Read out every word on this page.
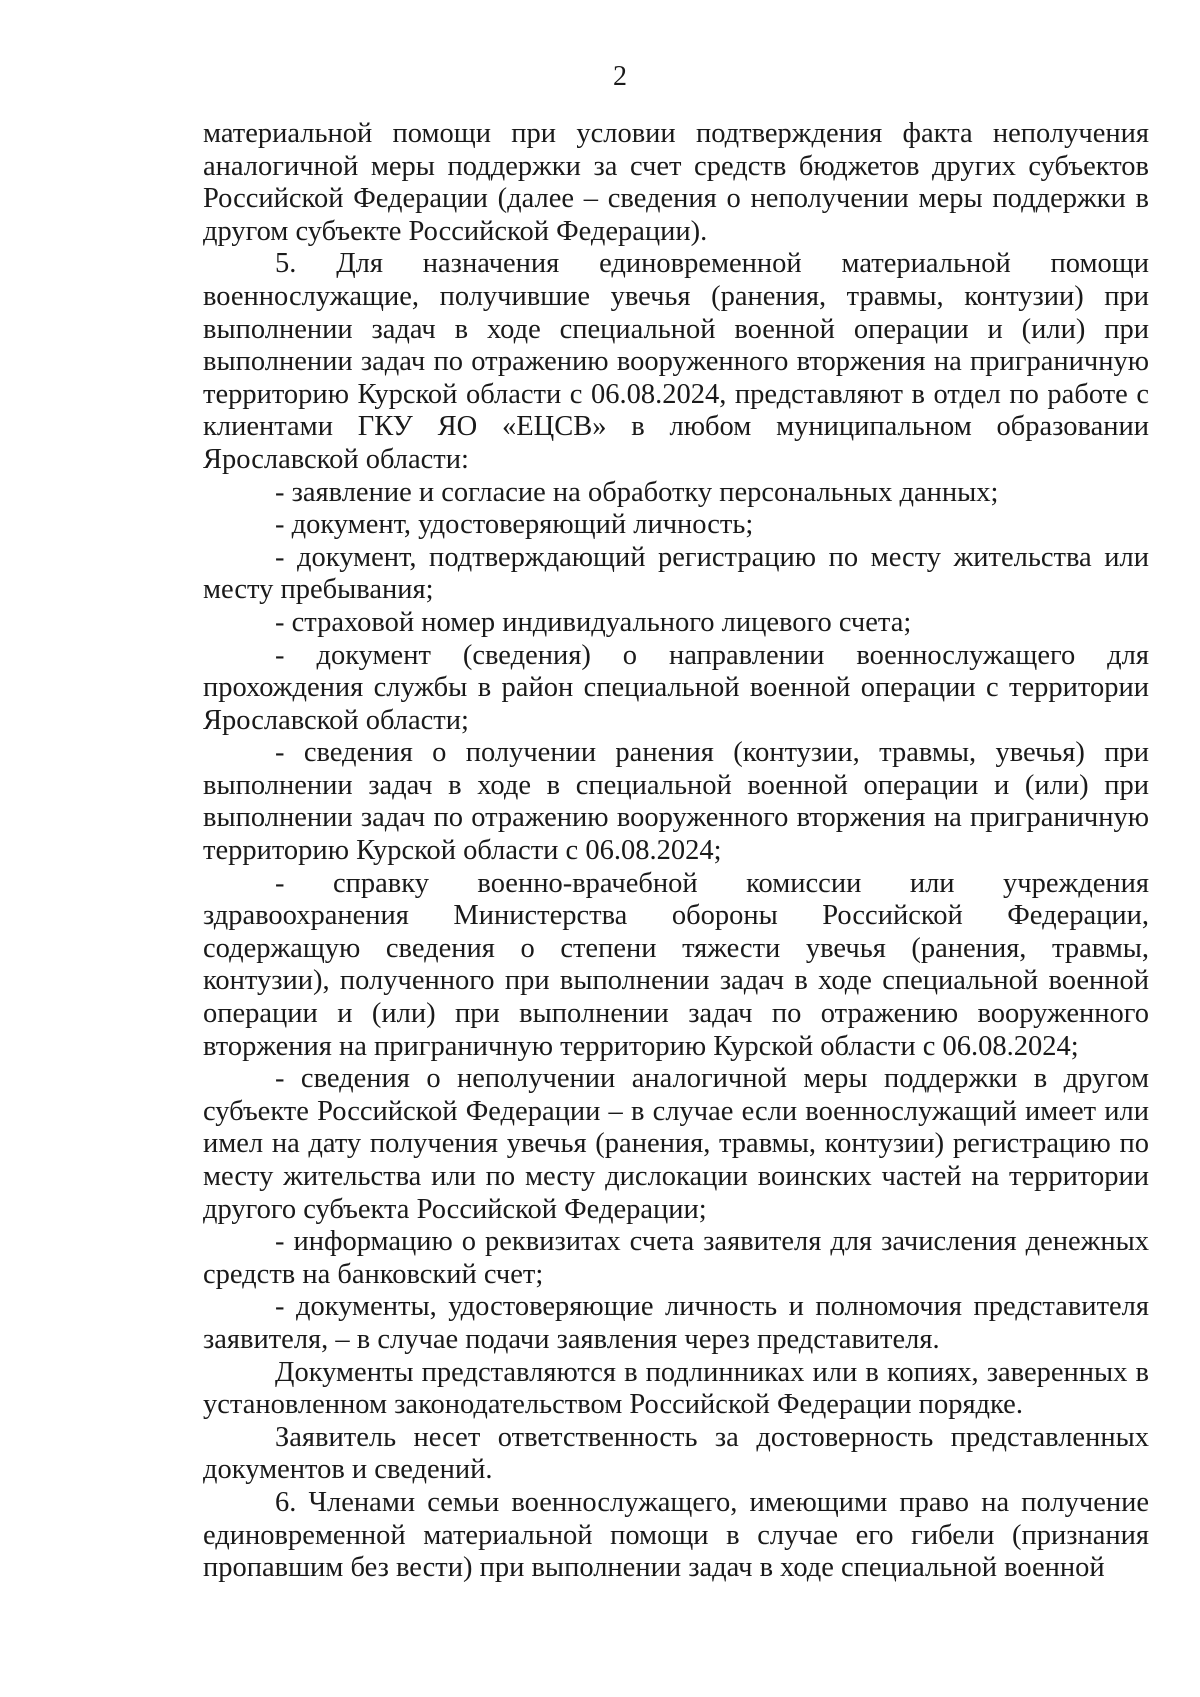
2

материальной помощи при условии подтверждения факта неполучения аналогичной меры поддержки за счет средств бюджетов других субъектов Российской Федерации (далее – сведения о неполучении меры поддержки в другом субъекте Российской Федерации).

5. Для назначения единовременной материальной помощи военнослужащие, получившие увечья (ранения, травмы, контузии) при выполнении задач в ходе специальной военной операции и (или) при выполнении задач по отражению вооруженного вторжения на приграничную территорию Курской области с 06.08.2024, представляют в отдел по работе с клиентами ГКУ ЯО «ЕЦСВ» в любом муниципальном образовании Ярославской области:

- заявление и согласие на обработку персональных данных;

- документ, удостоверяющий личность;

- документ, подтверждающий регистрацию по месту жительства или месту пребывания;

- страховой номер индивидуального лицевого счета;

- документ (сведения) о направлении военнослужащего для прохождения службы в район специальной военной операции с территории Ярославской области;

- сведения о получении ранения (контузии, травмы, увечья) при выполнении задач в ходе в специальной военной операции и (или) при выполнении задач по отражению вооруженного вторжения на приграничную территорию Курской области с 06.08.2024;

- справку военно-врачебной комиссии или учреждения здравоохранения Министерства обороны Российской Федерации, содержащую сведения о степени тяжести увечья (ранения, травмы, контузии), полученного при выполнении задач в ходе специальной военной операции и (или) при выполнении задач по отражению вооруженного вторжения на приграничную территорию Курской области с 06.08.2024;

- сведения о неполучении аналогичной меры поддержки в другом субъекте Российской Федерации – в случае если военнослужащий имеет или имел на дату получения увечья (ранения, травмы, контузии) регистрацию по месту жительства или по месту дислокации воинских частей на территории другого субъекта Российской Федерации;

- информацию о реквизитах счета заявителя для зачисления денежных средств на банковский счет;

- документы, удостоверяющие личность и полномочия представителя заявителя, – в случае подачи заявления через представителя.

Документы представляются в подлинниках или в копиях, заверенных в установленном законодательством Российской Федерации порядке.

Заявитель несет ответственность за достоверность представленных документов и сведений.

6. Членами семьи военнослужащего, имеющими право на получение единовременной материальной помощи в случае его гибели (признания пропавшим без вести) при выполнении задач в ходе специальной военной
